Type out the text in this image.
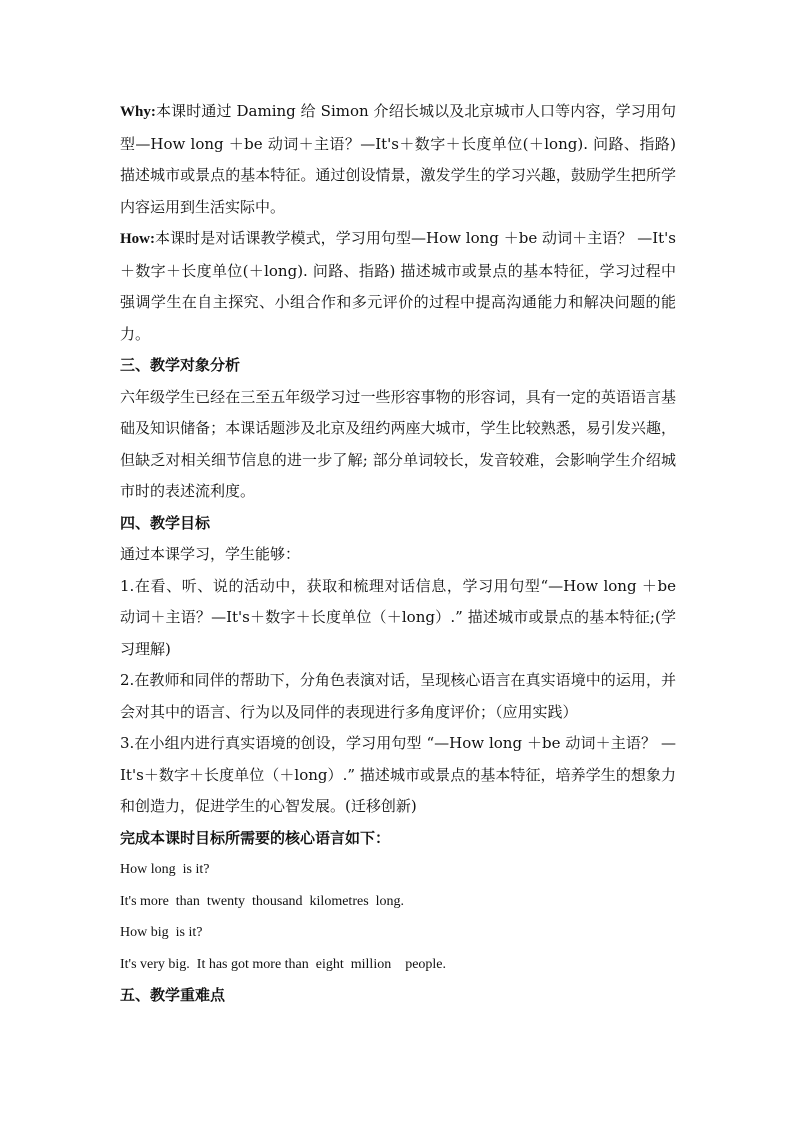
Why:本课时通过 Daming 给 Simon 介绍长城以及北京城市人口等内容，学习用句型—How long ＋be 动词＋主语？—It's＋数字＋长度单位(＋long). 问路、指路) 描述城市或景点的基本特征。通过创设情景，激发学生的学习兴趣，鼓励学生把所学内容运用到生活实际中。

How:本课时是对话课教学模式，学习用句型—How long ＋be 动词＋主语？ —It's＋数字＋长度单位(＋long). 问路、指路) 描述城市或景点的基本特征，学习过程中强调学生在自主探究、小组合作和多元评价的过程中提高沟通能力和解决问题的能力。

三、教学对象分析

六年级学生已经在三至五年级学习过一些形容事物的形容词，具有一定的英语语言基础及知识储备；本课话题涉及北京及纽约两座大城市，学生比较熟悉，易引发兴趣，但缺乏对相关细节信息的进一步了解; 部分单词较长，发音较难，会影响学生介绍城市时的表述流利度。

四、教学目标

通过本课学习，学生能够：

1.在看、听、说的活动中，获取和梳理对话信息，学习用句型“—How long ＋be 动词＋主语？—It's＋数字＋长度单位（＋long）.” 描述城市或景点的基本特征;(学习理解)

2.在教师和同伴的帮助下，分角色表演对话，呈现核心语言在真实语境中的运用，并会对其中的语言、行为以及同伴的表现进行多角度评价；（应用实践）

3.在小组内进行真实语境的创设，学习用句型 “—How long ＋be 动词＋主语？ —It's＋数字＋长度单位（＋long）.” 描述城市或景点的基本特征，培养学生的想象力和创造力，促进学生的心智发展。(迁移创新)

完成本课时目标所需要的核心语言如下：

How long  is it?

It's more  than  twenty  thousand  kilometres  long.

How big  is it?

It's very big.  It has got more than  eight  million    people.

五、教学重难点
